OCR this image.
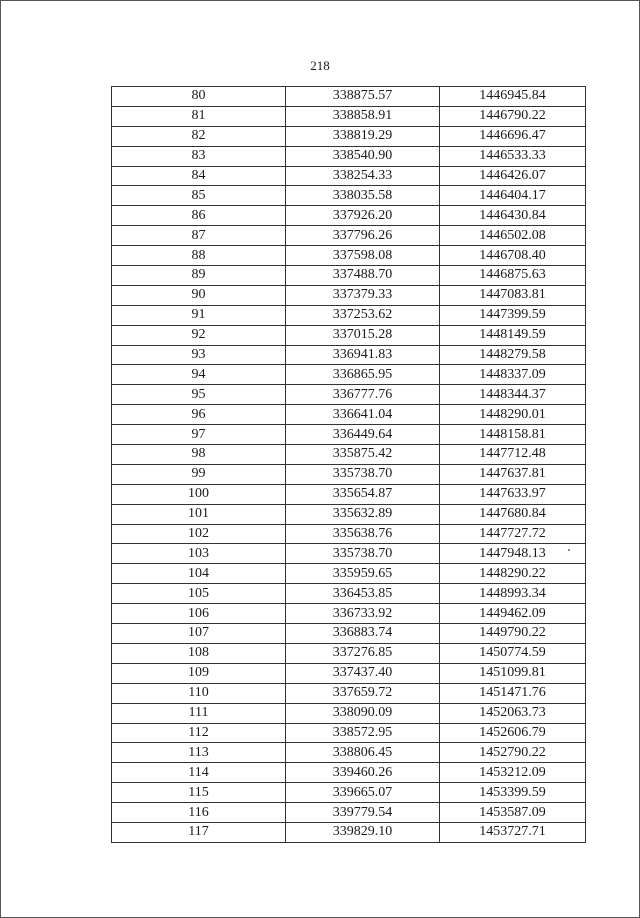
218
80	338875.57	1446945.84
81	338858.91	1446790.22
82	338819.29	1446696.47
83	338540.90	1446533.33
84	338254.33	1446426.07
85	338035.58	1446404.17
86	337926.20	1446430.84
87	337796.26	1446502.08
88	337598.08	1446708.40
89	337488.70	1446875.63
90	337379.33	1447083.81
91	337253.62	1447399.59
92	337015.28	1448149.59
93	336941.83	1448279.58
94	336865.95	1448337.09
95	336777.76	1448344.37
96	336641.04	1448290.01
97	336449.64	1448158.81
98	335875.42	1447712.48
99	335738.70	1447637.81
100	335654.87	1447633.97
101	335632.89	1447680.84
102	335638.76	1447727.72
103	335738.70	1447948.13
104	335959.65	1448290.22
105	336453.85	1448993.34
106	336733.92	1449462.09
107	336883.74	1449790.22
108	337276.85	1450774.59
109	337437.40	1451099.81
110	337659.72	1451471.76
111	338090.09	1452063.73
112	338572.95	1452606.79
113	338806.45	1452790.22
114	339460.26	1453212.09
115	339665.07	1453399.59
116	339779.54	1453587.09
117	339829.10	1453727.71
